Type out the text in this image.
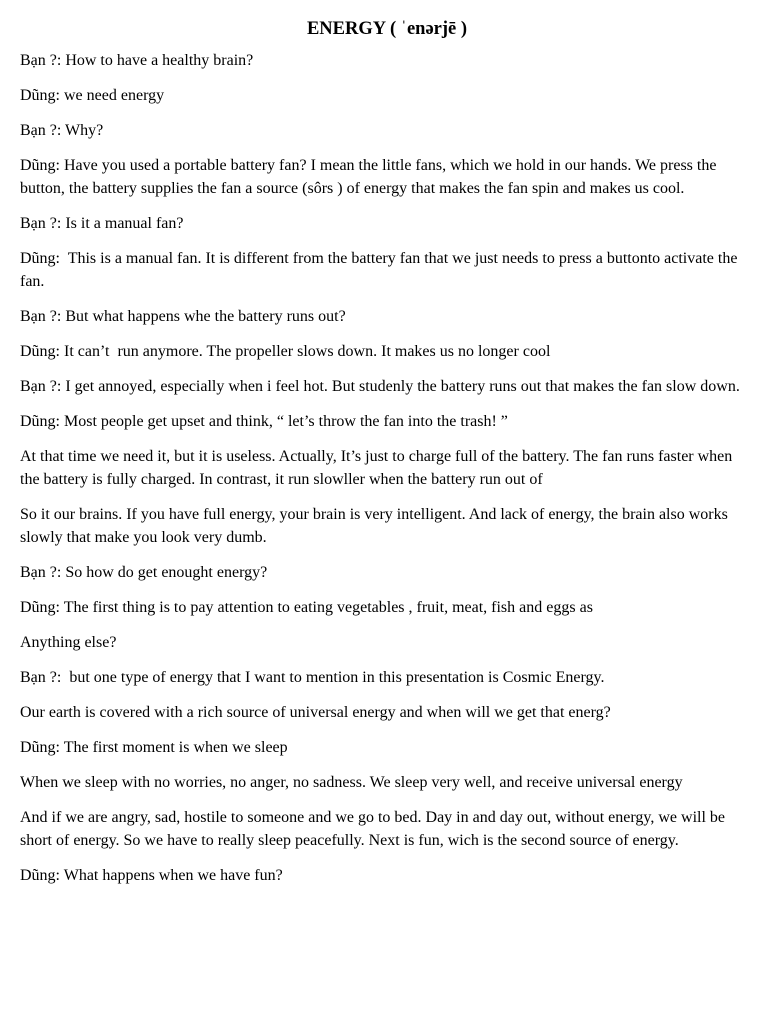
ENERGY ( ˈenərjē )

Bạn ?: How to have a healthy brain?

Dũng: we need energy

Bạn ?: Why?

Dũng: Have you used a portable battery fan? I mean the little fans, which we hold in our hands. We press the button, the battery supplies the fan a source (sôrs ) of energy that makes the fan spin and makes us cool.

Bạn ?: Is it a manual fan?

Dũng:  This is a manual fan. It is different from the battery fan that we just needs to press a buttonto activate the fan.

Bạn ?: But what happens whe the battery runs out?

Dũng: It can’t  run anymore. The propeller slows down. It makes us no longer cool

Bạn ?: I get annoyed, especially when i feel hot. But studenly the battery runs out that makes the fan slow down.

Dũng: Most people get upset and think, “ let’s throw the fan into the trash! ”

At that time we need it, but it is useless. Actually, It’s just to charge full of the battery. The fan runs faster when the battery is fully charged. In contrast, it run slowller when the battery run out of

So it our brains. If you have full energy, your brain is very intelligent. And lack of energy, the brain also works slowly that make you look very dumb.

Bạn ?: So how do get enought energy?

Dũng: The first thing is to pay attention to eating vegetables , fruit, meat, fish and eggs as

Anything else?

Bạn ?:  but one type of energy that I want to mention in this presentation is Cosmic Energy.

Our earth is covered with a rich source of universal energy and when will we get that energ?

Dũng: The first moment is when we sleep

When we sleep with no worries, no anger, no sadness. We sleep very well, and receive universal energy

And if we are angry, sad, hostile to someone and we go to bed. Day in and day out, without energy, we will be short of energy. So we have to really sleep peacefully. Next is fun, wich is the second source of energy.

Dũng: What happens when we have fun?
